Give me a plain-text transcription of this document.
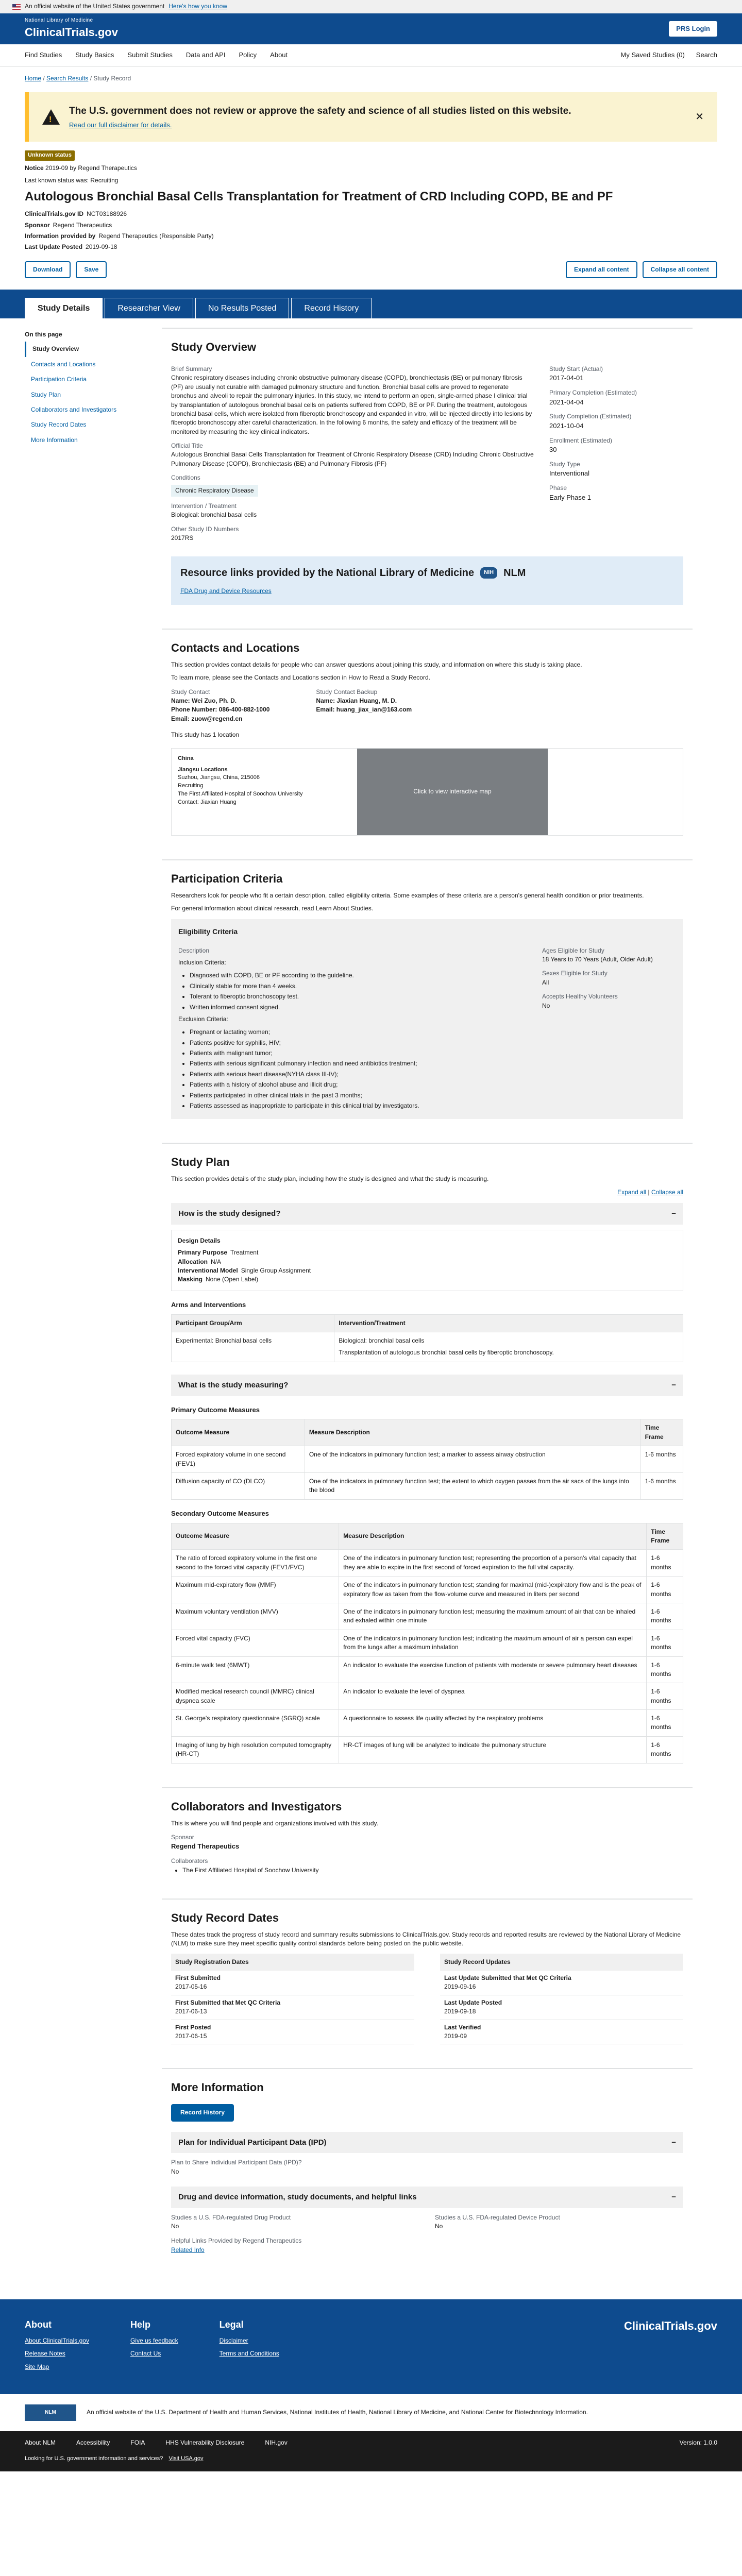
An official website of the United States government Here's how you know
National Library of Medicine
ClinicalTrials.gov	PRS Login
Find Studies Study Basics Submit Studies Data and API Policy About	My Saved Studies (0) Search
Home / Search Results / Study Record
!
The U.S. government does not review or approve the safety and science of all studies listed on this website.
Read our full disclaimer for details.
✕
Unknown status
Notice 2019-09 by Regend Therapeutics
Last known status was: Recruiting
Autologous Bronchial Basal Cells Transplantation for Treatment of CRD Including COPD, BE and PF
ClinicalTrials.gov ID NCT03188926
Sponsor Regend Therapeutics
Information provided by Regend Therapeutics (Responsible Party)
Last Update Posted 2019-09-18
Download	Save	Expand all content	Collapse all content
Study Details	Researcher View	No Results Posted	Record History
On this page
Study Overview
Contacts and Locations
Participation Criteria
Study Plan
Collaborators and Investigators
Study Record Dates
More Information
Study Overview
Brief Summary

Chronic respiratory diseases including chronic obstructive pulmonary disease (COPD), bronchiectasis (BE) or pulmonary fibrosis (PF) are usually not curable with damaged pulmonary structure and function. Bronchial basal cells are proved to regenerate bronchus and alveoli to repair the pulmonary injuries. In this study, we intend to perform an open, single-armed phase I clinical trial by transplantation of autologous bronchial basal cells on patients suffered from COPD, BE or PF. During the treatment, autologous bronchial basal cells, which were isolated from fiberoptic bronchoscopy and expanded in vitro, will be injected directly into lesions by fiberoptic bronchoscopy after careful characterization. In the following 6 months, the safety and efficacy of the treatment will be monitored by measuring the key clinical indicators.

Official Title

Autologous Bronchial Basal Cells Transplantation for Treatment of Chronic Respiratory Disease (CRD) Including Chronic Obstructive Pulmonary Disease (COPD), Bronchiectasis (BE) and Pulmonary Fibrosis (PF)

Conditions
Chronic Respiratory Disease
Intervention / Treatment

Biological: bronchial basal cells

Other Study ID Numbers

2017RS

Study Start (Actual)
2017-04-01
Primary Completion (Estimated)
2021-04-04
Study Completion (Estimated)
2021-10-04
Enrollment (Estimated)
30
Study Type
Interventional
Phase
Early Phase 1
Resource links provided by the National Library of Medicine	NIH NLM
FDA Drug and Device Resources
Contacts and Locations

This section provides contact details for people who can answer questions about joining this study, and information on where this study is taking place.

To learn more, please see the Contacts and Locations section in How to Read a Study Record.

Study Contact
Name: Wei Zuo, Ph. D.
Phone Number: 086-400-882-1000
Email: zuow@regend.cn
Study Contact Backup
Name: Jiaxian Huang, M. D.
Email: huang_jiax_ian@163.com

This study has 1 location

China
Jiangsu Locations
Suzhou, Jiangsu, China, 215006
Recruiting
The First Affiliated Hospital of Soochow University
Contact: Jiaxian Huang
Click to view interactive map
Participation Criteria

Researchers look for people who fit a certain description, called eligibility criteria. Some examples of these criteria are a person's general health condition or prior treatments.

For general information about clinical research, read Learn About Studies.

Eligibility Criteria
Description

Inclusion Criteria:

• Diagnosed with COPD, BE or PF according to the guideline.
• Clinically stable for more than 4 weeks.
• Tolerant to fiberoptic bronchoscopy test.
• Written informed consent signed.

Exclusion Criteria:

• Pregnant or lactating women;
• Patients positive for syphilis, HIV;
• Patients with malignant tumor;
• Patients with serious significant pulmonary infection and need antibiotics treatment;
• Patients with serious heart disease(NYHA class III-IV);
• Patients with a history of alcohol abuse and illicit drug;
• Patients participated in other clinical trials in the past 3 months;
• Patients assessed as inappropriate to participate in this clinical trial by investigators.
Ages Eligible for Study
18 Years to 70 Years (Adult, Older Adult)
Sexes Eligible for Study
All
Accepts Healthy Volunteers
No
Study Plan

This section provides details of the study plan, including how the study is designed and what the study is measuring.

Expand all | Collapse all
How is the study designed?	−
Design Details
Primary Purpose Treatment
Allocation N/A
Interventional Model Single Group Assignment
Masking None (Open Label)
Arms and Interventions
Participant Group/Arm	Intervention/Treatment
Experimental: Bronchial basal cells	Biological: bronchial basal cells
Transplantation of autologous bronchial basal cells by fiberoptic bronchoscopy.
What is the study measuring?	−
Primary Outcome Measures
Outcome Measure	Measure Description	Time Frame
Forced expiratory volume in one second (FEV1)	One of the indicators in pulmonary function test; a marker to assess airway obstruction	1-6 months
Diffusion capacity of CO (DLCO)	One of the indicators in pulmonary function test; the extent to which oxygen passes from the air sacs of the lungs into the blood	1-6 months
Secondary Outcome Measures
Outcome Measure	Measure Description	Time Frame
The ratio of forced expiratory volume in the first one second to the forced vital capacity (FEV1/FVC)	One of the indicators in pulmonary function test; representing the proportion of a person's vital capacity that they are able to expire in the first second of forced expiration to the full vital capacity.	1-6 months
Maximum mid-expiratory flow (MMF)	One of the indicators in pulmonary function test; standing for maximal (mid-)expiratory flow and is the peak of expiratory flow as taken from the flow-volume curve and measured in liters per second	1-6 months
Maximum voluntary ventilation (MVV)	One of the indicators in pulmonary function test; measuring the maximum amount of air that can be inhaled and exhaled within one minute	1-6 months
Forced vital capacity (FVC)	One of the indicators in pulmonary function test; indicating the maximum amount of air a person can expel from the lungs after a maximum inhalation	1-6 months
6-minute walk test (6MWT)	An indicator to evaluate the exercise function of patients with moderate or severe pulmonary heart diseases	1-6 months
Modified medical research council (MMRC) clinical dyspnea scale	An indicator to evaluate the level of dyspnea	1-6 months
St. George's respiratory questionnaire (SGRQ) scale	A questionnaire to assess life quality affected by the respiratory problems	1-6 months
Imaging of lung by high resolution computed tomography (HR-CT)	HR-CT images of lung will be analyzed to indicate the pulmonary structure	1-6 months
Collaborators and Investigators

This is where you will find people and organizations involved with this study.

Sponsor
Regend Therapeutics
Collaborators
• The First Affiliated Hospital of Soochow University
Study Record Dates

These dates track the progress of study record and summary results submissions to ClinicalTrials.gov. Study records and reported results are reviewed by the National Library of Medicine (NLM) to make sure they meet specific quality control standards before being posted on the public website.

Study Registration Dates
First Submitted
2017-05-16
First Submitted that Met QC Criteria
2017-06-13
First Posted
2017-06-15
Study Record Updates
Last Update Submitted that Met QC Criteria
2019-09-16
Last Update Posted
2019-09-18
Last Verified
2019-09
More Information
Record History
Plan for Individual Participant Data (IPD)	−
Plan to Share Individual Participant Data (IPD)?
No
Drug and device information, study documents, and helpful links	−
Studies a U.S. FDA-regulated Drug Product
No
Studies a U.S. FDA-regulated Device Product
No
Helpful Links Provided by Regend Therapeutics
Related Info
About
About ClinicalTrials.gov
Release Notes
Site Map
Help
Give us feedback
Contact Us
Legal
Disclaimer
Terms and Conditions
ClinicalTrials.gov
NLM	An official website of the U.S. Department of Health and Human Services, National Institutes of Health, National Library of Medicine, and National Center for Biotechnology Information.
About NLM	Accessibility	FOIA	HHS Vulnerability Disclosure	NIH.gov	Version: 1.0.0
Looking for U.S. government information and services? Visit USA.gov
